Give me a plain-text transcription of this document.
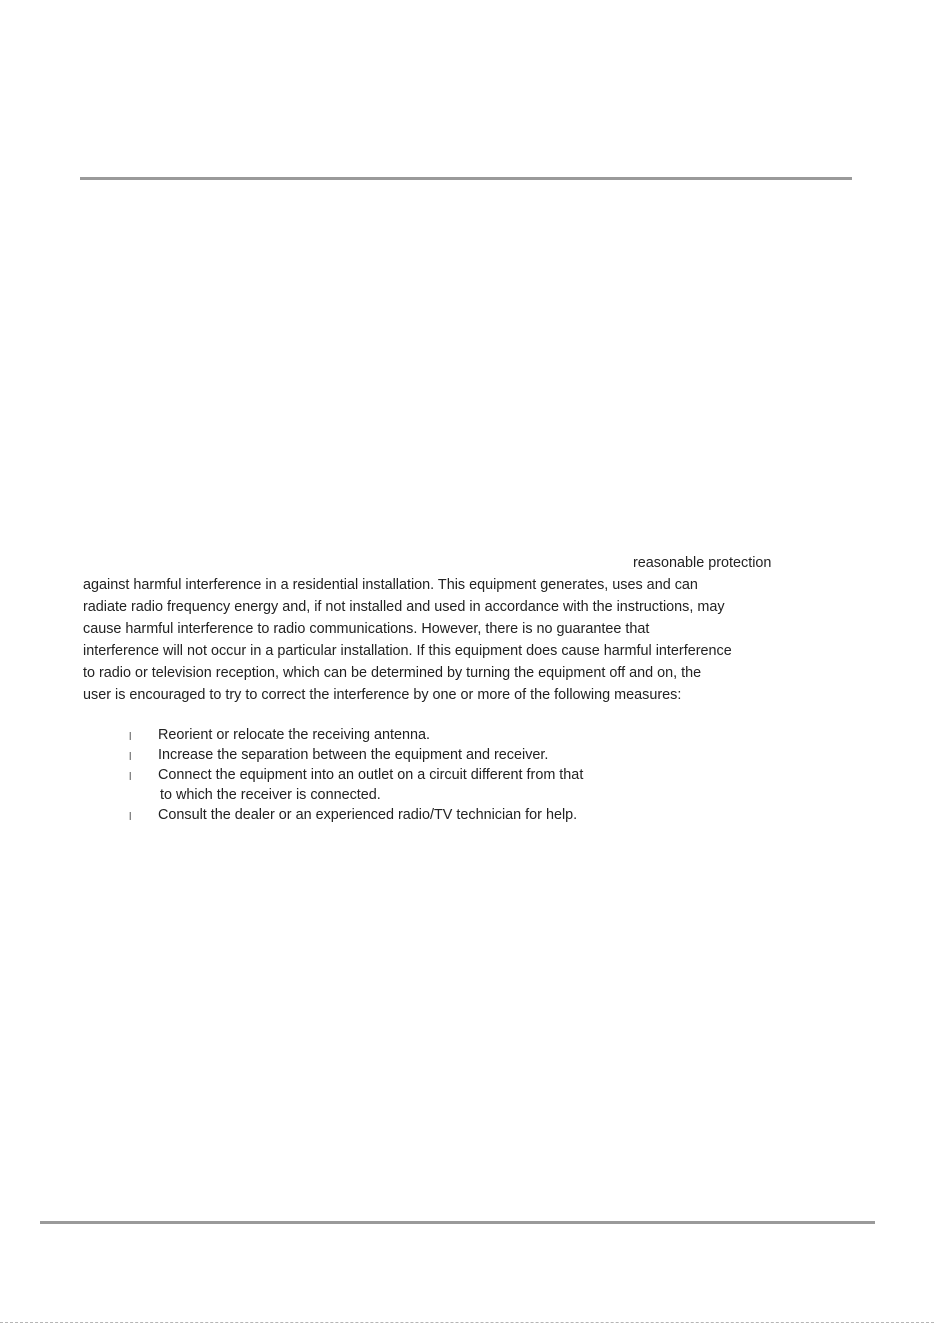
reasonable protection
against harmful interference in a residential installation. This equipment generates, uses and can
radiate radio frequency energy and, if not installed and used in accordance with the instructions, may
cause harmful interference to radio communications. However, there is no guarantee that
interference will not occur in a particular installation. If this equipment does cause harmful interference
to radio or television reception, which can be determined by turning the equipment off and on, the
user is encouraged to try to correct the interference by one or more of the following measures:
l Reorient or relocate the receiving antenna.
l Increase the separation between the equipment and receiver.
l Connect the equipment into an outlet on a circuit different from that
to which the receiver is connected.
l Consult the dealer or an experienced radio/TV technician for help.
